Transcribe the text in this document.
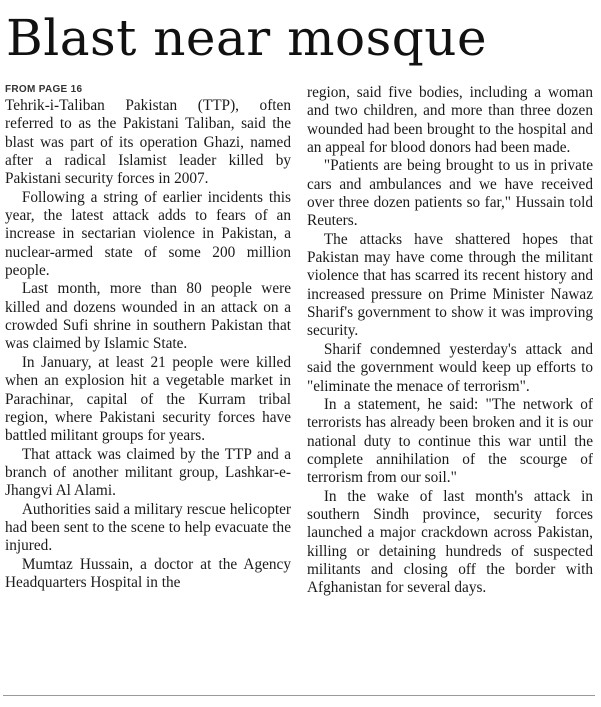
Blast near mosque
FROM PAGE 16

Tehrik-i-Taliban Pakistan (TTP), often referred to as the Pakistani Taliban, said the blast was part of its operation Ghazi, named after a radical Islamist leader killed by Pakistani security forces in 2007.

Following a string of earlier incidents this year, the latest attack adds to fears of an increase in sectarian violence in Pakistan, a nuclear-armed state of some 200 million people.

Last month, more than 80 people were killed and dozens wounded in an attack on a crowded Sufi shrine in southern Pakistan that was claimed by Islamic State.

In January, at least 21 people were killed when an explosion hit a vegetable market in Parachinar, capital of the Kurram tribal region, where Pakistani security forces have battled militant groups for years.

That attack was claimed by the TTP and a branch of another militant group, Lashkar-e-Jhangvi Al Alami.

Authorities said a military rescue helicopter had been sent to the scene to help evacuate the injured.

Mumtaz Hussain, a doctor at the Agency Headquarters Hospital in the

region, said five bodies, including a woman and two children, and more than three dozen wounded had been brought to the hospital and an appeal for blood donors had been made.

"Patients are being brought to us in private cars and ambulances and we have received over three dozen patients so far," Hussain told Reuters.

The attacks have shattered hopes that Pakistan may have come through the militant violence that has scarred its recent history and increased pressure on Prime Minister Nawaz Sharif's government to show it was improving security.

Sharif condemned yesterday's attack and said the government would keep up efforts to "eliminate the menace of terrorism".

In a statement, he said: "The network of terrorists has already been broken and it is our national duty to continue this war until the complete annihilation of the scourge of terrorism from our soil."

In the wake of last month's attack in southern Sindh province, security forces launched a major crackdown across Pakistan, killing or detaining hundreds of suspected militants and closing off the border with Afghanistan for several days.
